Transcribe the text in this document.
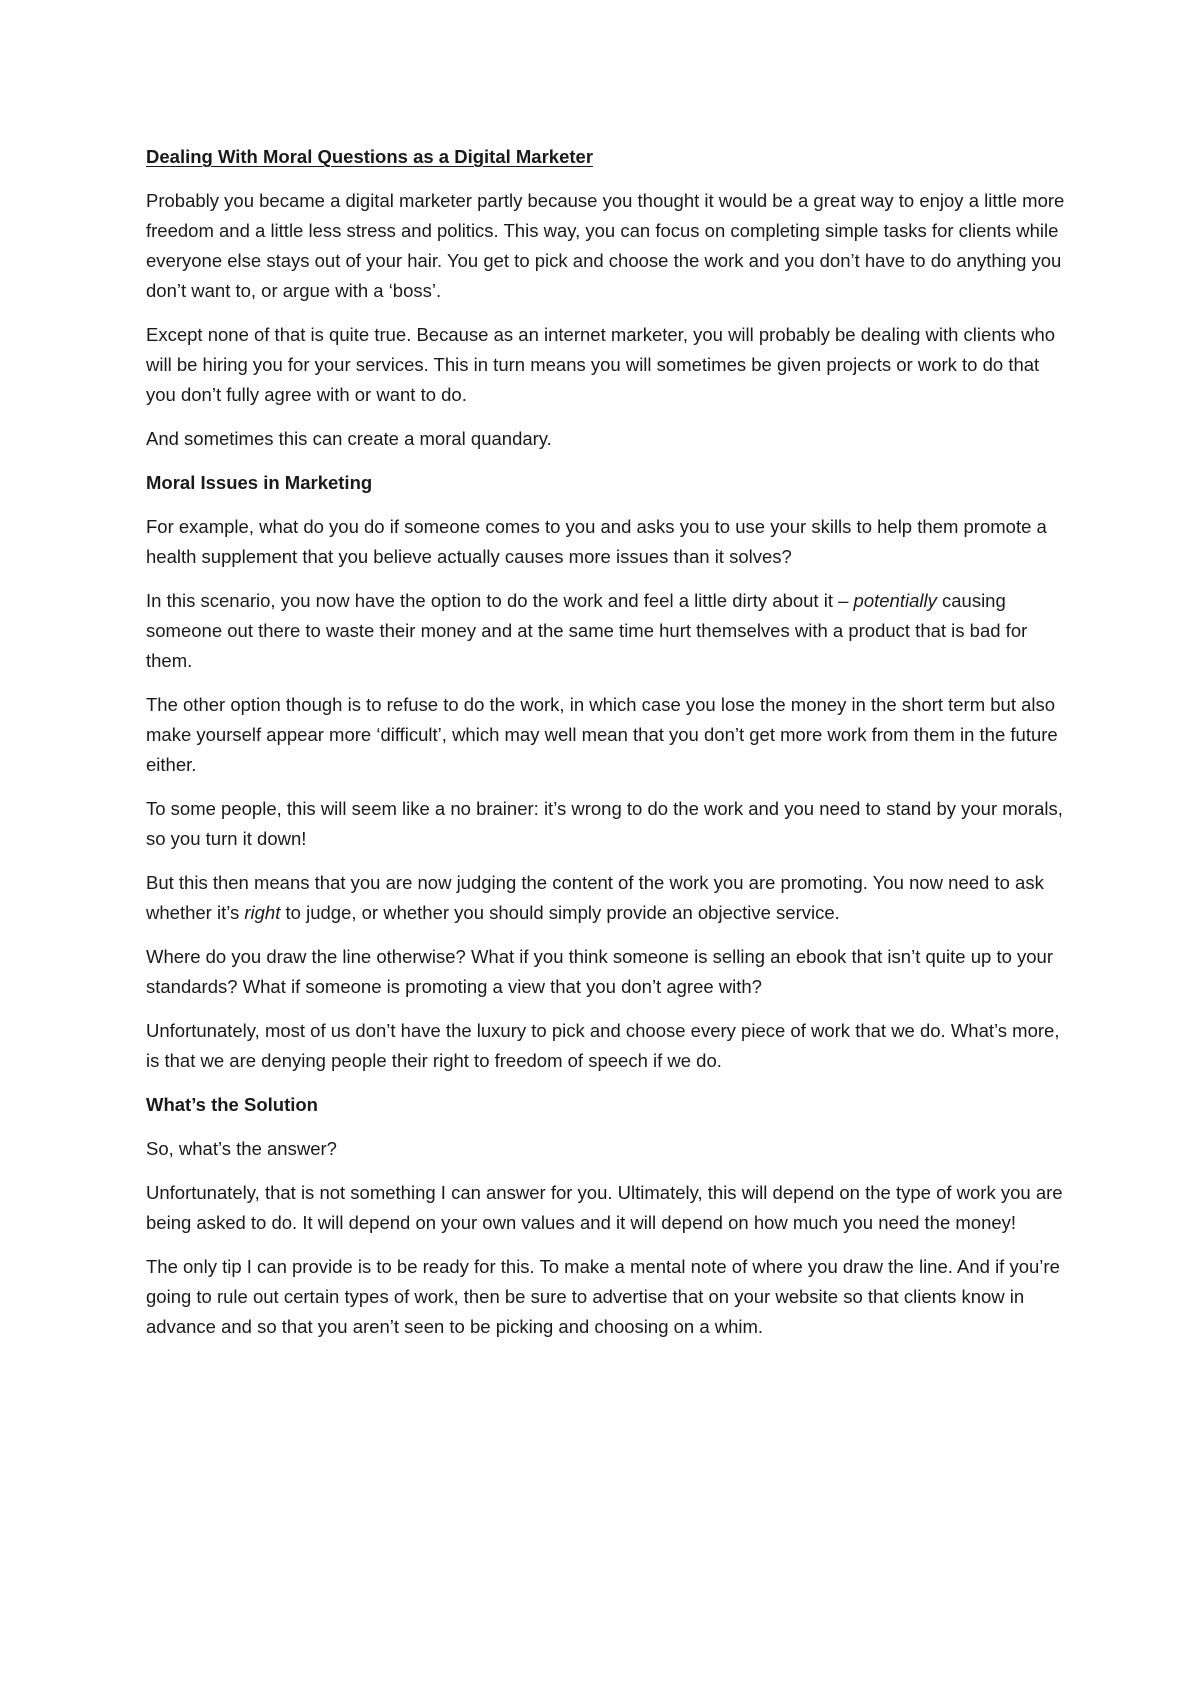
Dealing With Moral Questions as a Digital Marketer

Probably you became a digital marketer partly because you thought it would be a great way to enjoy a little more freedom and a little less stress and politics. This way, you can focus on completing simple tasks for clients while everyone else stays out of your hair. You get to pick and choose the work and you don’t have to do anything you don’t want to, or argue with a ‘boss’.

Except none of that is quite true. Because as an internet marketer, you will probably be dealing with clients who will be hiring you for your services. This in turn means you will sometimes be given projects or work to do that you don’t fully agree with or want to do.

And sometimes this can create a moral quandary.

Moral Issues in Marketing

For example, what do you do if someone comes to you and asks you to use your skills to help them promote a health supplement that you believe actually causes more issues than it solves?

In this scenario, you now have the option to do the work and feel a little dirty about it – potentially causing someone out there to waste their money and at the same time hurt themselves with a product that is bad for them.

The other option though is to refuse to do the work, in which case you lose the money in the short term but also make yourself appear more ‘difficult’, which may well mean that you don’t get more work from them in the future either.

To some people, this will seem like a no brainer: it’s wrong to do the work and you need to stand by your morals, so you turn it down!

But this then means that you are now judging the content of the work you are promoting. You now need to ask whether it’s right to judge, or whether you should simply provide an objective service.

Where do you draw the line otherwise? What if you think someone is selling an ebook that isn’t quite up to your standards? What if someone is promoting a view that you don’t agree with?

Unfortunately, most of us don’t have the luxury to pick and choose every piece of work that we do. What’s more, is that we are denying people their right to freedom of speech if we do.

What’s the Solution

So, what’s the answer?

Unfortunately, that is not something I can answer for you. Ultimately, this will depend on the type of work you are being asked to do. It will depend on your own values and it will depend on how much you need the money!

The only tip I can provide is to be ready for this. To make a mental note of where you draw the line. And if you’re going to rule out certain types of work, then be sure to advertise that on your website so that clients know in advance and so that you aren’t seen to be picking and choosing on a whim.
